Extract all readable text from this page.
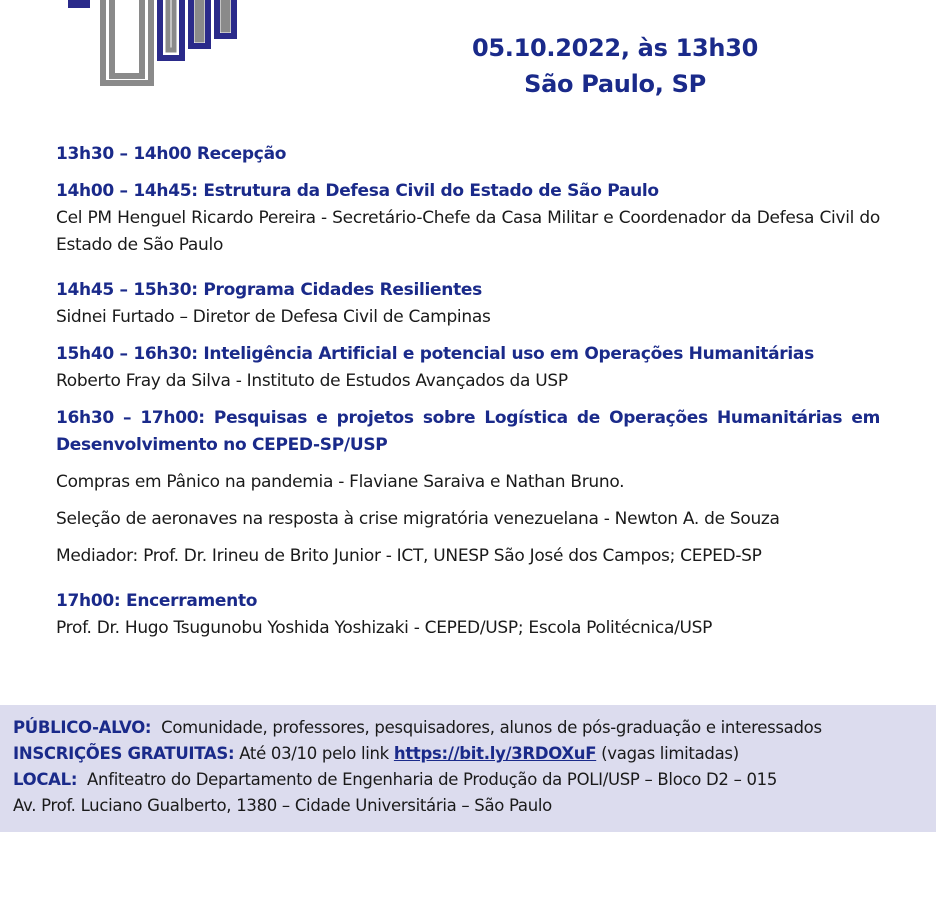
05.10.2022, às 13h30
São Paulo, SP
13h30 – 14h00 Recepção
14h00 – 14h45: Estrutura da Defesa Civil do Estado de São Paulo
Cel PM Henguel Ricardo Pereira - Secretário-Chefe da Casa Militar e Coordenador da Defesa Civil do Estado de São Paulo
14h45 – 15h30: Programa Cidades Resilientes
Sidnei Furtado – Diretor de Defesa Civil de Campinas
15h40 – 16h30: Inteligência Artificial e potencial uso em Operações Humanitárias
Roberto Fray da Silva - Instituto de Estudos Avançados da USP
16h30 – 17h00: Pesquisas e projetos sobre Logística de Operações Humanitárias em Desenvolvimento no CEPED-SP/USP
Compras em Pânico na pandemia - Flaviane Saraiva e Nathan Bruno.
Seleção de aeronaves na resposta à crise migratória venezuelana - Newton A. de Souza
Mediador: Prof. Dr. Irineu de Brito Junior - ICT, UNESP São José dos Campos; CEPED-SP
17h00: Encerramento
Prof. Dr. Hugo Tsugunobu Yoshida Yoshizaki - CEPED/USP; Escola Politécnica/USP
PÚBLICO-ALVO: Comunidade, professores, pesquisadores, alunos de pós-graduação e interessados
INSCRIÇÕES GRATUITAS: Até 03/10 pelo link https://bit.ly/3RDOXuF (vagas limitadas)
LOCAL: Anfiteatro do Departamento de Engenharia de Produção da POLI/USP – Bloco D2 – 015
Av. Prof. Luciano Gualberto, 1380 – Cidade Universitária – São Paulo
